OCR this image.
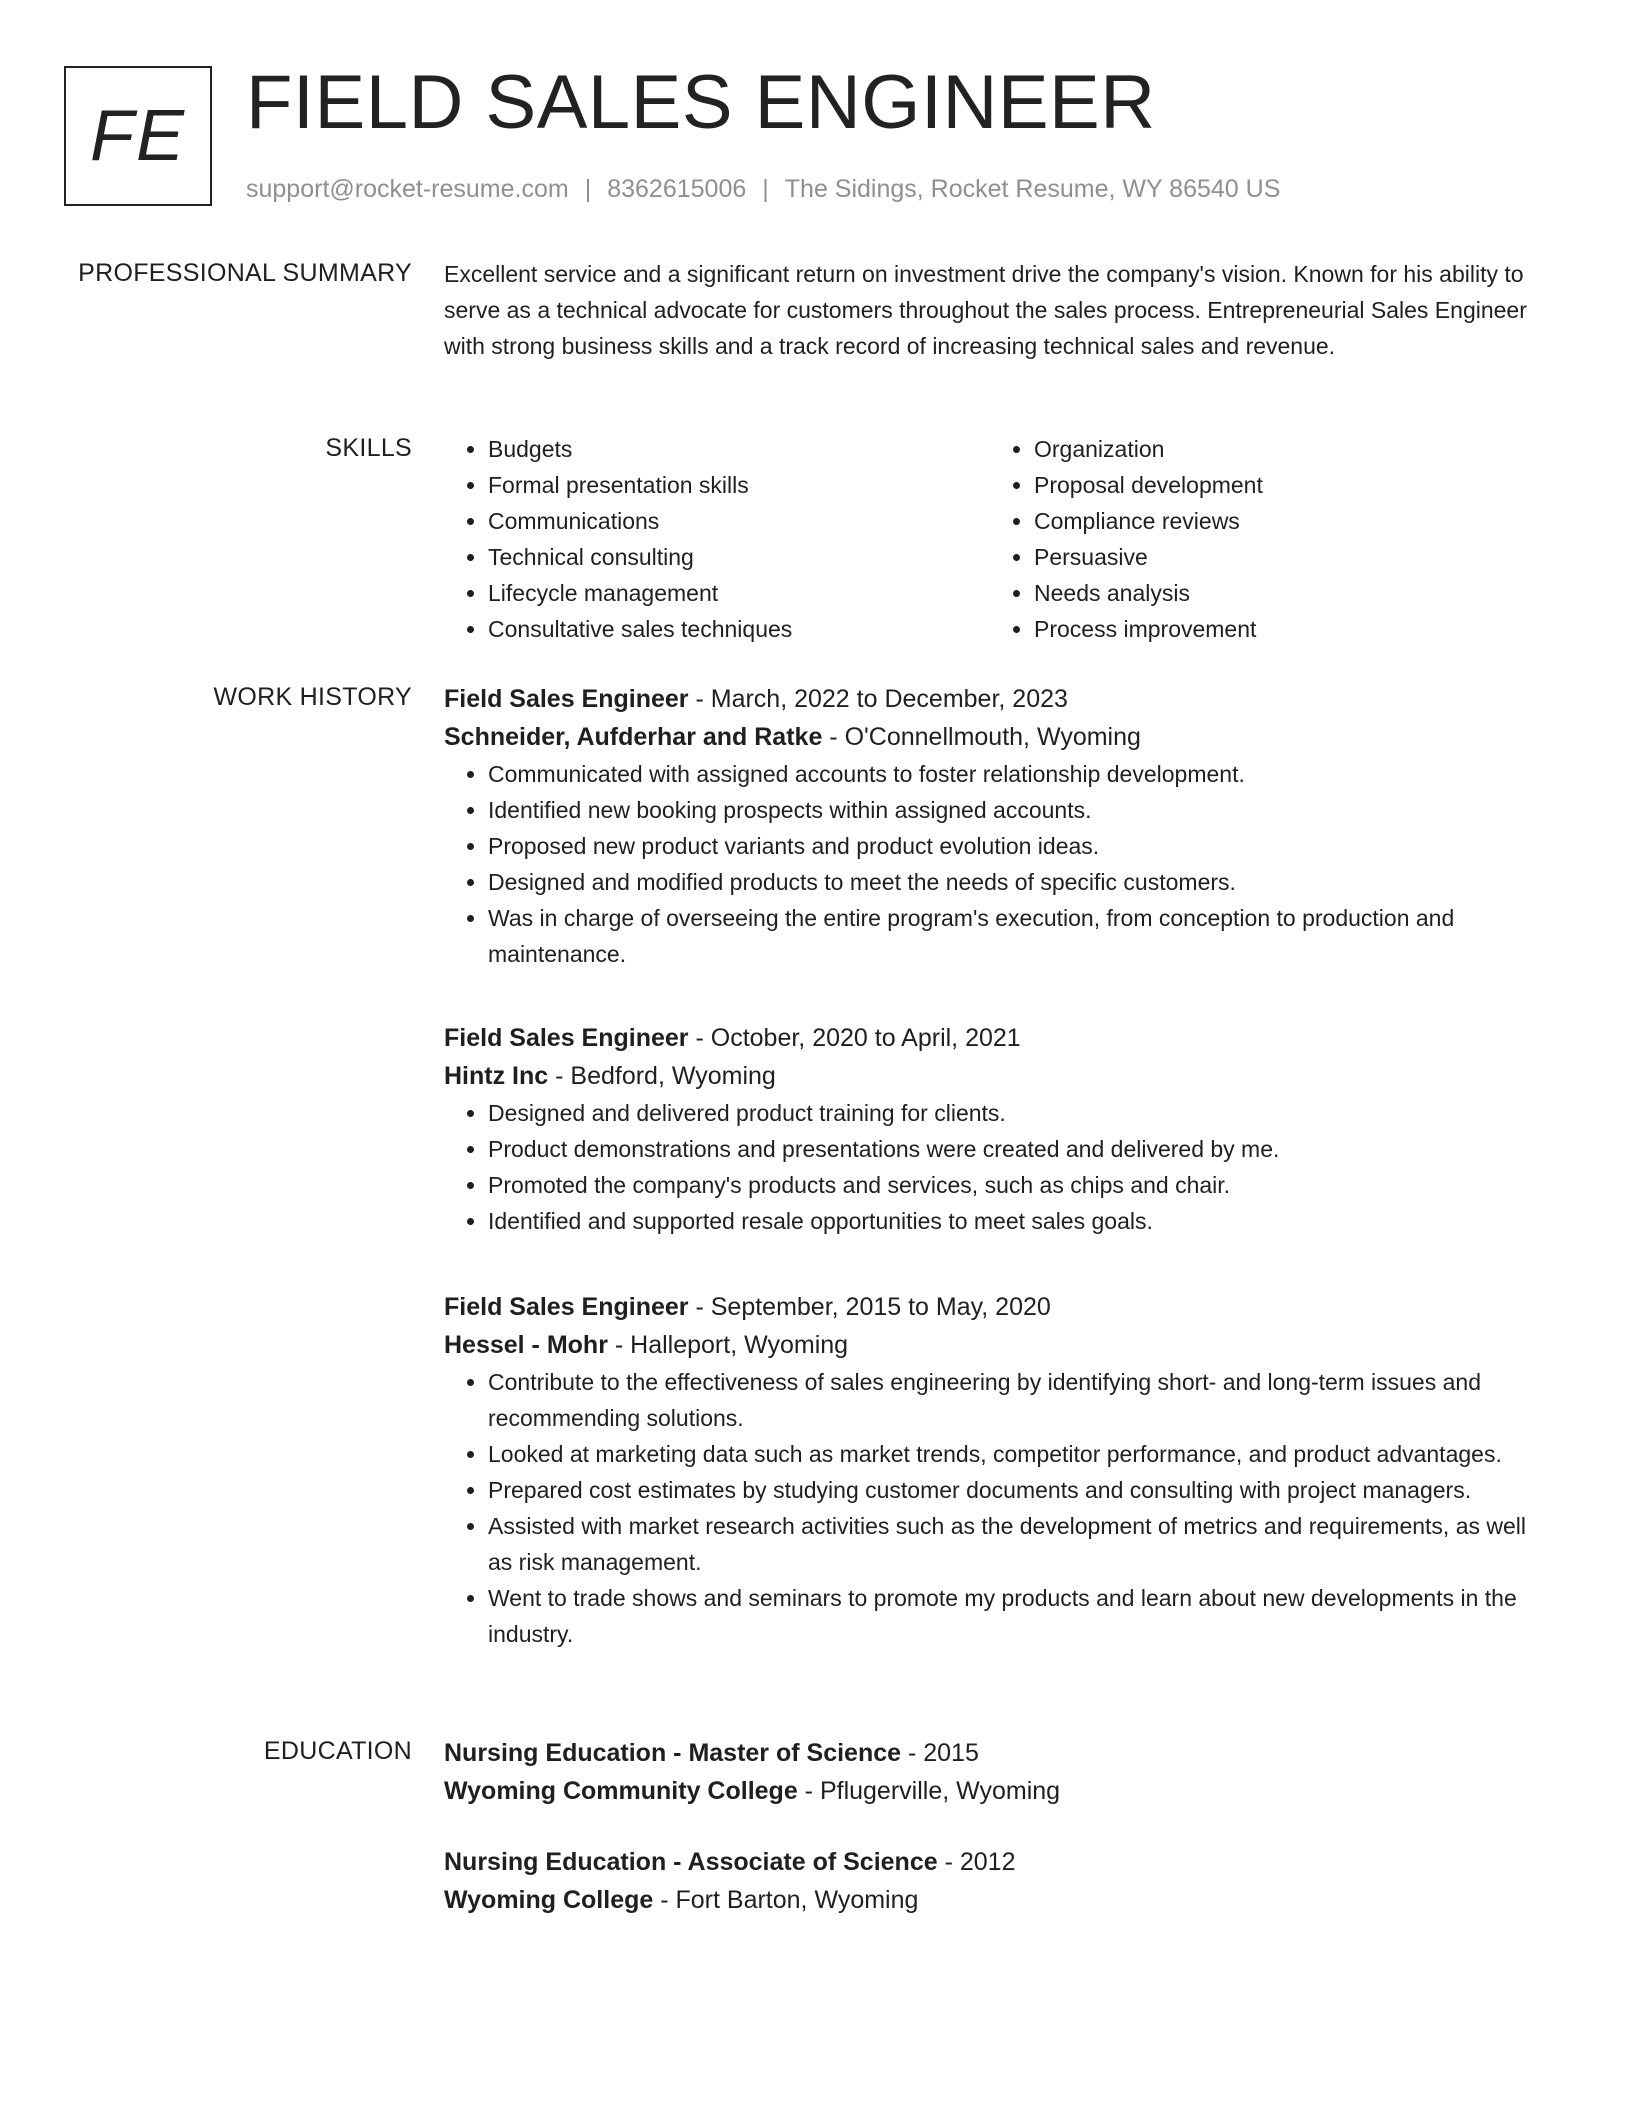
FE FIELD SALES ENGINEER
support@rocket-resume.com | 8362615006 | The Sidings, Rocket Resume, WY 86540 US
PROFESSIONAL SUMMARY Excellent service and a significant return on investment drive the company's vision. Known for his ability to serve as a technical advocate for customers throughout the sales process. Entrepreneurial Sales Engineer with strong business skills and a track record of increasing technical sales and revenue.

SKILLS
•	Budgets
• Formal presentation skills
• Communications
• Technical consulting
• Lifecycle management
• Consultative sales techniques
• Organization
• Proposal development
• Compliance reviews
• Persuasive
• Needs analysis
• Process improvement
WORK HISTORY Field Sales Engineer - March, 2022 to December, 2023

Schneider, Aufderhar and Ratke - O'Connellmouth, Wyoming

• Communicated with assigned accounts to foster relationship development.
• Identified new booking prospects within assigned accounts.
• Proposed new product variants and product evolution ideas.
• Designed and modified products to meet the needs of specific customers.
• Was in charge of overseeing the entire program's execution, from conception to production and maintenance.

Field Sales Engineer - October, 2020 to April, 2021

Hintz Inc - Bedford, Wyoming

• Designed and delivered product training for clients.
• Product demonstrations and presentations were created and delivered by me.
• Promoted the company's products and services, such as chips and chair.
• Identified and supported resale opportunities to meet sales goals.

Field Sales Engineer - September, 2015 to May, 2020

Hessel - Mohr - Halleport, Wyoming

• Contribute to the effectiveness of sales engineering by identifying short- and long-term issues and recommending solutions.
• Looked at marketing data such as market trends, competitor performance, and product advantages.
• Prepared cost estimates by studying customer documents and consulting with project managers.
• Assisted with market research activities such as the development of metrics and requirements, as well as risk management.
• Went to trade shows and seminars to promote my products and learn about new developments in the industry.
EDUCATION Nursing Education - Master of Science - 2015

Wyoming Community College - Pflugerville, Wyoming

Nursing Education - Associate of Science - 2012

Wyoming College - Fort Barton, Wyoming
